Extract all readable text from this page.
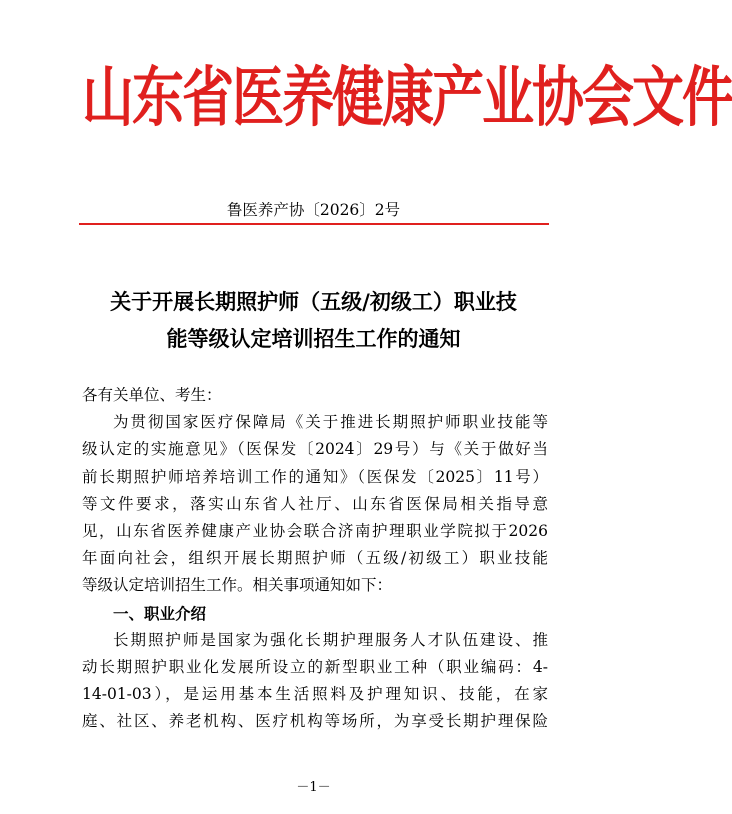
山东省医养健康产业协会文件
鲁医养产协〔2026〕2号
关于开展长期照护师（五级/初级工）职业技
能等级认定培训招生工作的通知
各有关单位、考生：
为贯彻国家医疗保障局《关于推进长期照护师职业技能等
级认定的实施意见》（医保发〔2024〕29号）与《关于做好当
前长期照护师培养培训工作的通知》（医保发〔2025〕11号）
等文件要求，落实山东省人社厅、山东省医保局相关指导意
见，山东省医养健康产业协会联合济南护理职业学院拟于2026
年面向社会，组织开展长期照护师（五级/初级工）职业技能
等级认定培训招生工作。相关事项通知如下：
一、职业介绍
长期照护师是国家为强化长期护理服务人才队伍建设、推
动长期照护职业化发展所设立的新型职业工种（职业编码：4-
14-01-03），是运用基本生活照料及护理知识、技能，在家
庭、社区、养老机构、医疗机构等场所，为享受长期护理保险
－1－
